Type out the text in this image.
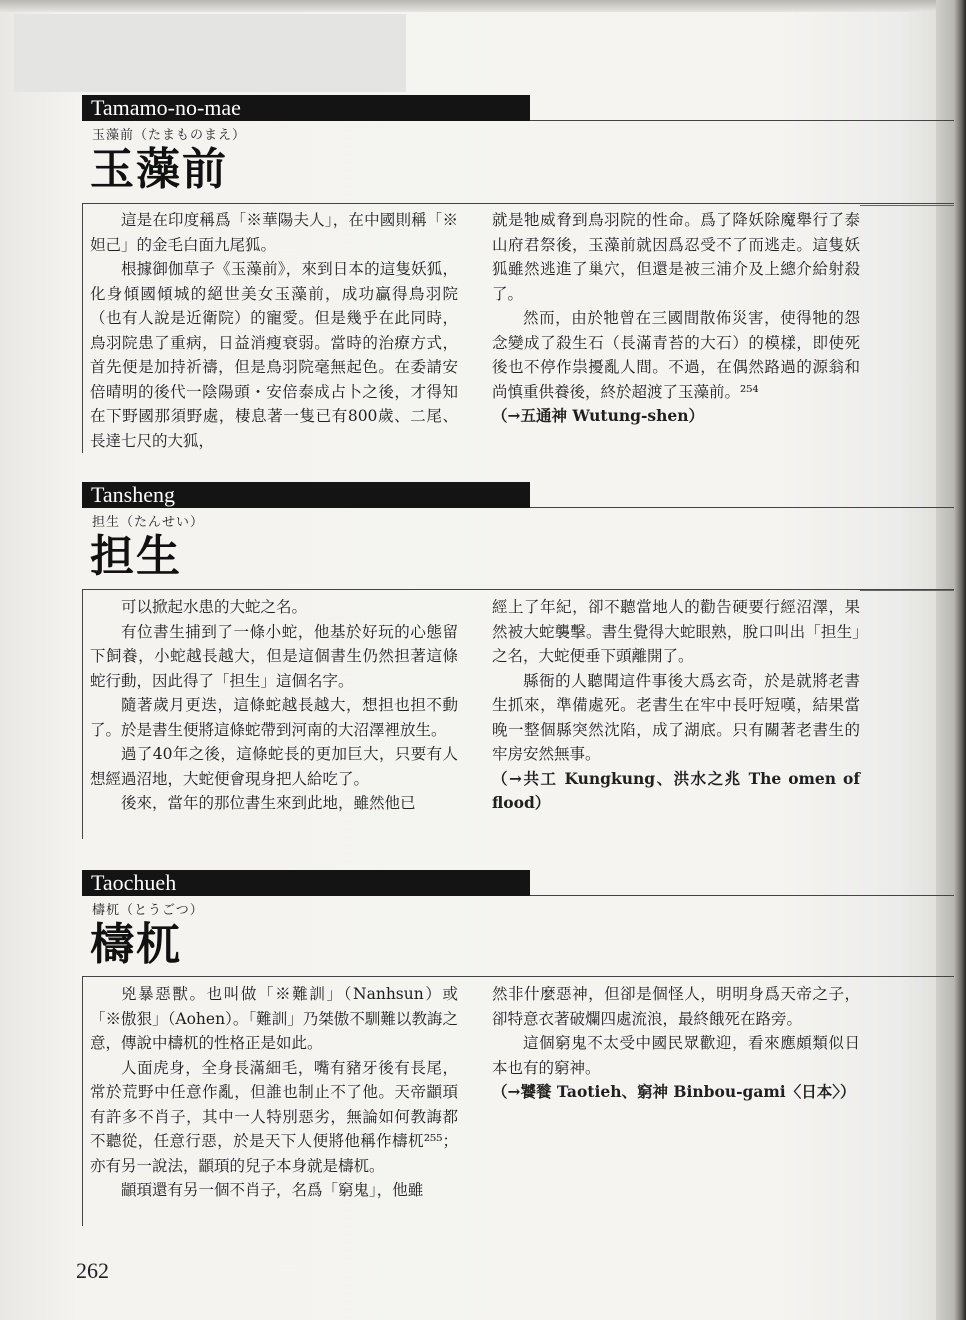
Tamamo-no-mae
玉藻前（たまものまえ）
玉藻前

這是在印度稱爲「※華陽夫人」，在中國則稱「※妲己」的金毛白面九尾狐。

根據御伽草子《玉藻前》，來到日本的這隻妖狐，化身傾國傾城的絕世美女玉藻前，成功贏得鳥羽院（也有人說是近衛院）的寵愛。但是幾乎在此同時，鳥羽院患了重病，日益消瘦衰弱。當時的治療方式，首先便是加持祈禱，但是鳥羽院毫無起色。在委請安倍晴明的後代一陰陽頭・安倍泰成占卜之後，才得知在下野國那須野處，棲息著一隻已有800歲、二尾、長達七尺的大狐，

就是牠威脅到鳥羽院的性命。爲了降妖除魔舉行了泰山府君祭後，玉藻前就因爲忍受不了而逃走。這隻妖狐雖然逃進了巢穴，但還是被三浦介及上總介給射殺了。

然而，由於牠曾在三國間散佈災害，使得牠的怨念變成了殺生石（長滿青苔的大石）的模樣，即使死後也不停作祟擾亂人間。不過，在偶然路過的源翁和尚慎重供養後，終於超渡了玉藻前。²⁵⁴

（→五通神 Wutung-shen）

Tansheng
担生（たんせい）
担生

可以掀起水患的大蛇之名。

有位書生捕到了一條小蛇，他基於好玩的心態留下飼養，小蛇越長越大，但是這個書生仍然担著這條蛇行動，因此得了「担生」這個名字。

隨著歲月更迭，這條蛇越長越大，想担也担不動了。於是書生便將這條蛇帶到河南的大沼澤裡放生。

過了40年之後，這條蛇長的更加巨大，只要有人想經過沼地，大蛇便會現身把人給吃了。

後來，當年的那位書生來到此地，雖然他已

經上了年紀，卻不聽當地人的勸告硬要行經沼澤，果然被大蛇襲擊。書生覺得大蛇眼熟，脫口叫出「担生」之名，大蛇便垂下頭離開了。

縣衙的人聽聞這件事後大爲玄奇，於是就將老書生抓來，準備處死。老書生在牢中長吁短嘆，結果當晚一整個縣突然沈陷，成了湖底。只有關著老書生的牢房安然無事。

（→共工 Kungkung、洪水之兆 The omen of flood）

Taochueh
檮杌（とうごつ）
檮杌

兇暴惡獸。也叫做「※難訓」（Nanhsun）或「※傲狠」（Aohen）。「難訓」乃桀傲不馴難以教誨之意，傳說中檮杌的性格正是如此。

人面虎身，全身長滿細毛，嘴有豬牙後有長尾，常於荒野中任意作亂，但誰也制止不了他。天帝顓頊有許多不肖子，其中一人特別惡劣，無論如何教誨都不聽從，任意行惡，於是天下人便將他稱作檮杌²⁵⁵；亦有另一說法，顓頊的兒子本身就是檮杌。

顓頊還有另一個不肖子，名爲「窮鬼」，他雖

然非什麼惡神，但卻是個怪人，明明身爲天帝之子，卻特意衣著破爛四處流浪，最終餓死在路旁。

這個窮鬼不太受中國民眾歡迎，看來應頗類似日本也有的窮神。

（→饕餮 Taotieh、窮神 Binbou-gami〈日本〉）

262
